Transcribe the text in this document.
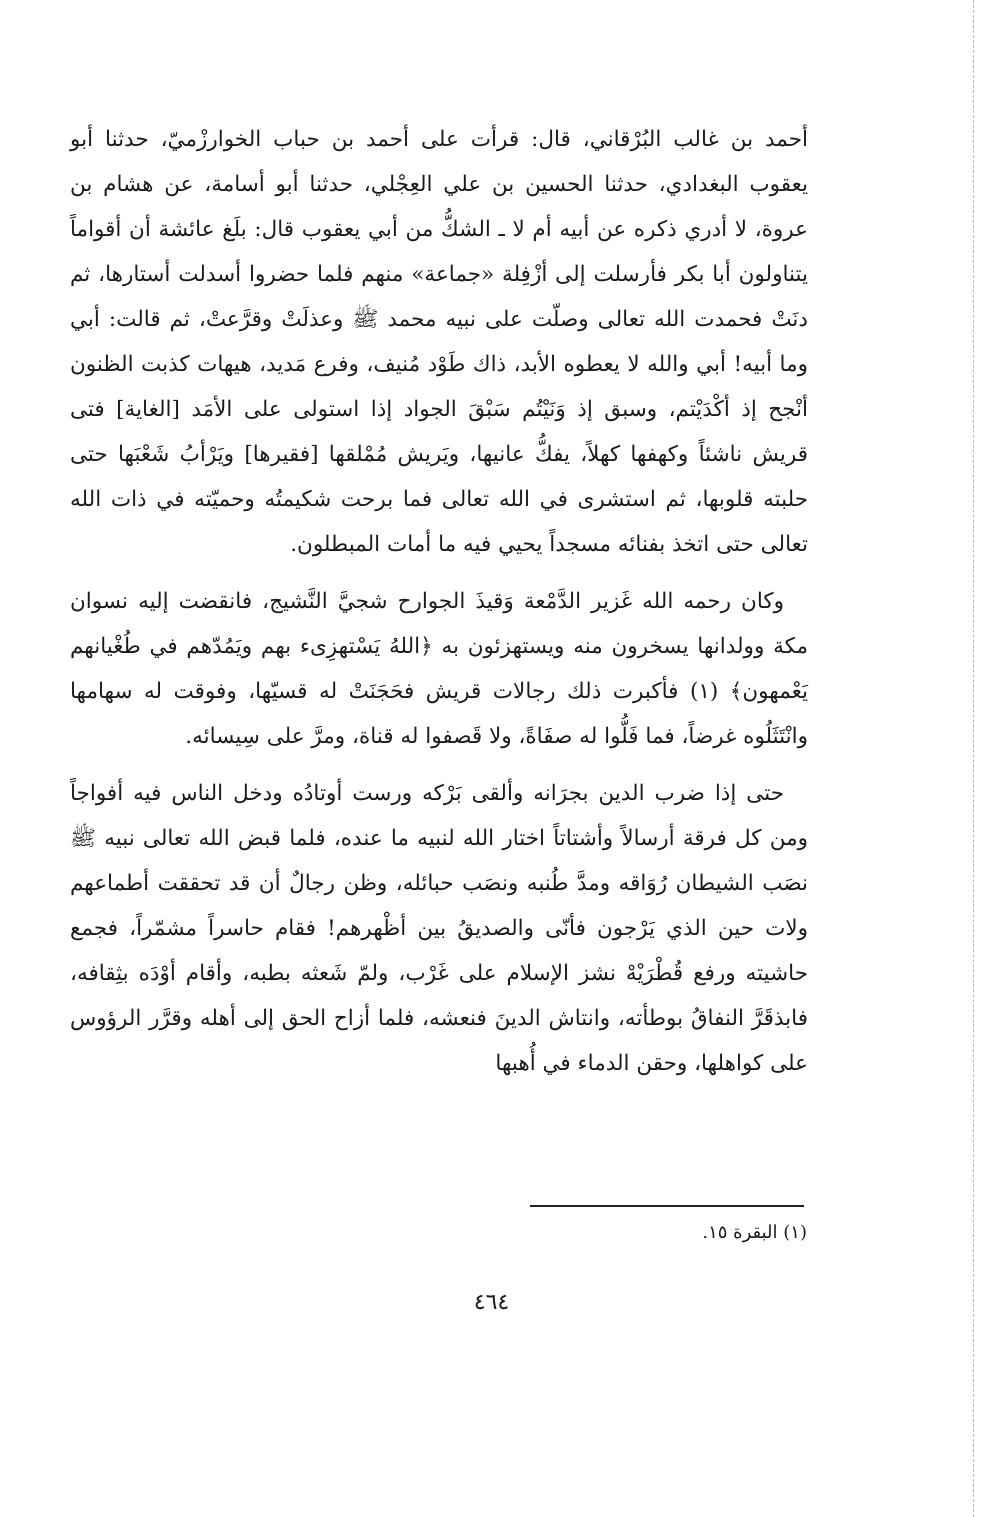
أحمد بن غالب البُرْقاني، قال: قرأت على أحمد بن حباب الخوارزْميّ، حدثنا أبو يعقوب البغدادي، حدثنا الحسين بن علي العِجْلي، حدثنا أبو أسامة، عن هشام بن عروة، لا أدري ذكره عن أبيه أم لا ـ الشكُّ من أبي يعقوب قال: بلَغ عائشة أن أقواماً يتناولون أبا بكر فأرسلت إلى أزْفِلة «جماعة» منهم فلما حضروا أسدلت أستارها، ثم دنَتْ فحمدت الله تعالى وصلّت على نبيه محمد ﷺ وعذلَتْ وقرَّعتْ، ثم قالت: أبي وما أبيه! أبي والله لا يعطوه الأبد، ذاك طَوْد مُنيف، وفرع مَديد، هيهات كذبت الظنون أنْجح إذ أكْدَيْتم، وسبق إذ وَنَيْتُم سَبْقَ الجواد إذا استولى على الأمَد [الغاية] فتى قريش ناشئاً وكهفها كهلاً، يفكُّ عانيها، ويَريش مُمْلقها [فقيرها] ويَرْأبُ شَعْبَها حتى حلبته قلوبها، ثم استشرى في الله تعالى فما برحت شكيمتُه وحميّته في ذات الله تعالى حتى اتخذ بفنائه مسجداً يحيي فيه ما أمات المبطلون.

وكان رحمه الله غَزير الدَّمْعة وَقيذَ الجوارح شجيَّ النَّشيج، فانقضت إليه نسوان مكة وولدانها يسخرون منه ويستهزئون به ﴿اللهُ يَسْتهزِىء بهم ويَمُدّهم في طُغْيانهم يَعْمهون﴾ (١) فأكبرت ذلك رجالات قريش فحَجَنَتْ له قسيّها، وفوقت له سهامها وانْتَثَلُوه غرضاً، فما فَلُّوا له صفَاةً، ولا قَصفوا له قناة، ومرَّ على سِيسائه.

حتى إذا ضرب الدين بجرَانه وألقى بَرْكه ورست أوتادُه ودخل الناس فيه أفواجاً ومن كل فرقة أرسالاً وأشتاتاً اختار الله لنبيه ما عنده، فلما قبض الله تعالى نبيه ﷺ نصَب الشيطان رُوَاقه ومدَّ طُنبه ونصَب حبائله، وظن رجالٌ أن قد تحققت أطماعهم ولات حين الذي يَرْجون فأنّى والصديقُ بين أظْهرهم! فقام حاسراً مشمّراً، فجمع حاشيته ورفع قُطْرَيْهْ نشز الإسلام على غَرْب، ولمّ شَعثه بطبه، وأقام أوْدَه بثِقافه، فابذقَرَّ النفاقُ بوطأته، وانتاش الدينَ فنعشه، فلما أزاح الحق إلى أهله وقرَّر الرؤوس على كواهلها، وحقن الدماء في أُهبها

(١) البقرة ١٥.
٤٦٤
